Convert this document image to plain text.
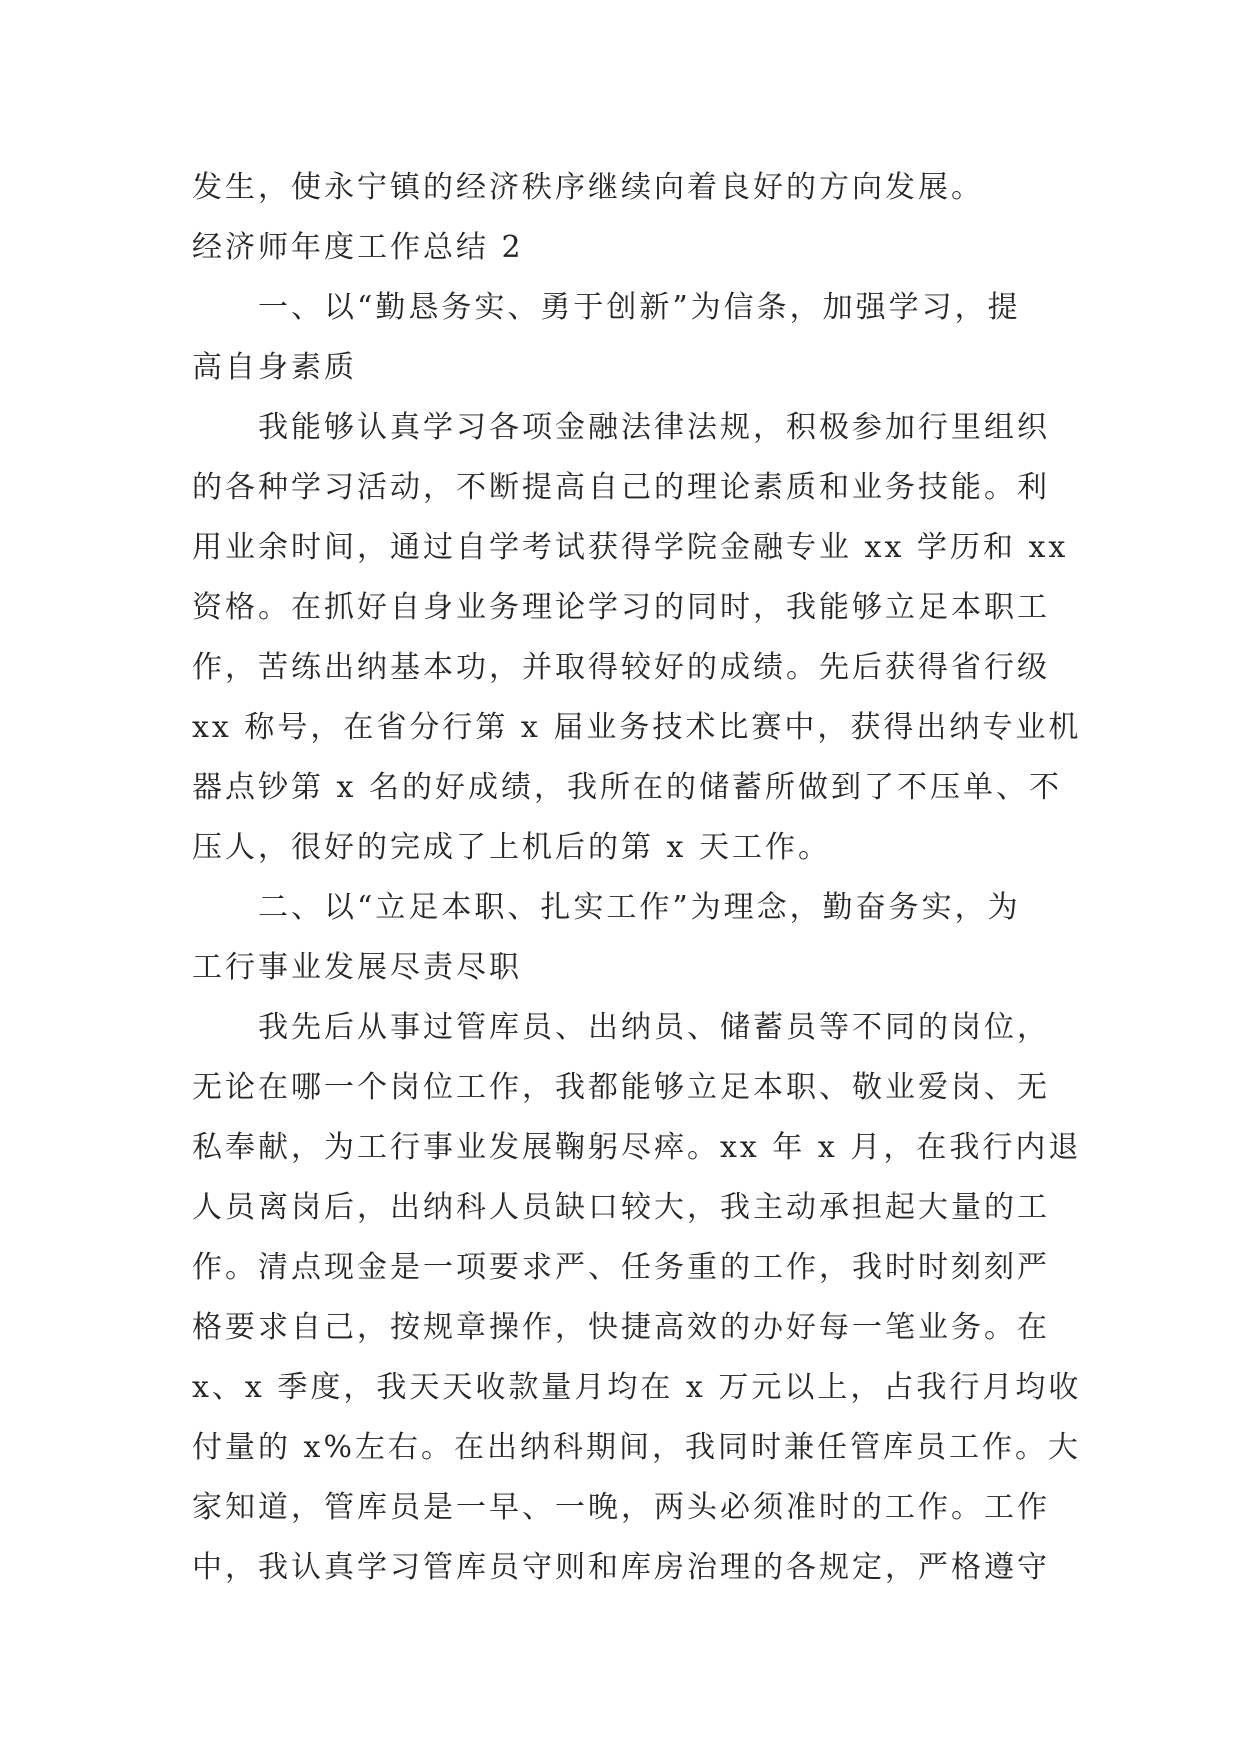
发生，使永宁镇的经济秩序继续向着良好的方向发展。

经济师年度工作总结 2

一、以“勤恳务实、勇于创新”为信条，加强学习，提

高自身素质

我能够认真学习各项金融法律法规，积极参加行里组织

的各种学习活动，不断提高自己的理论素质和业务技能。利

用业余时间，通过自学考试获得学院金融专业 xx 学历和 xx

资格。在抓好自身业务理论学习的同时，我能够立足本职工

作，苦练出纳基本功，并取得较好的成绩。先后获得省行级

xx 称号，在省分行第 x 届业务技术比赛中，获得出纳专业机

器点钞第 x 名的好成绩，我所在的储蓄所做到了不压单、不

压人，很好的完成了上机后的第 x 天工作。

二、以“立足本职、扎实工作”为理念，勤奋务实，为

工行事业发展尽责尽职

我先后从事过管库员、出纳员、储蓄员等不同的岗位，

无论在哪一个岗位工作，我都能够立足本职、敬业爱岗、无

私奉献，为工行事业发展鞠躬尽瘁。xx 年 x 月，在我行内退

人员离岗后，出纳科人员缺口较大，我主动承担起大量的工

作。清点现金是一项要求严、任务重的工作，我时时刻刻严

格要求自己，按规章操作，快捷高效的办好每一笔业务。在

x、x 季度，我天天收款量月均在 x 万元以上，占我行月均收

付量的 x%左右。在出纳科期间，我同时兼任管库员工作。大

家知道，管库员是一早、一晚，两头必须准时的工作。工作

中，我认真学习管库员守则和库房治理的各规定，严格遵守
